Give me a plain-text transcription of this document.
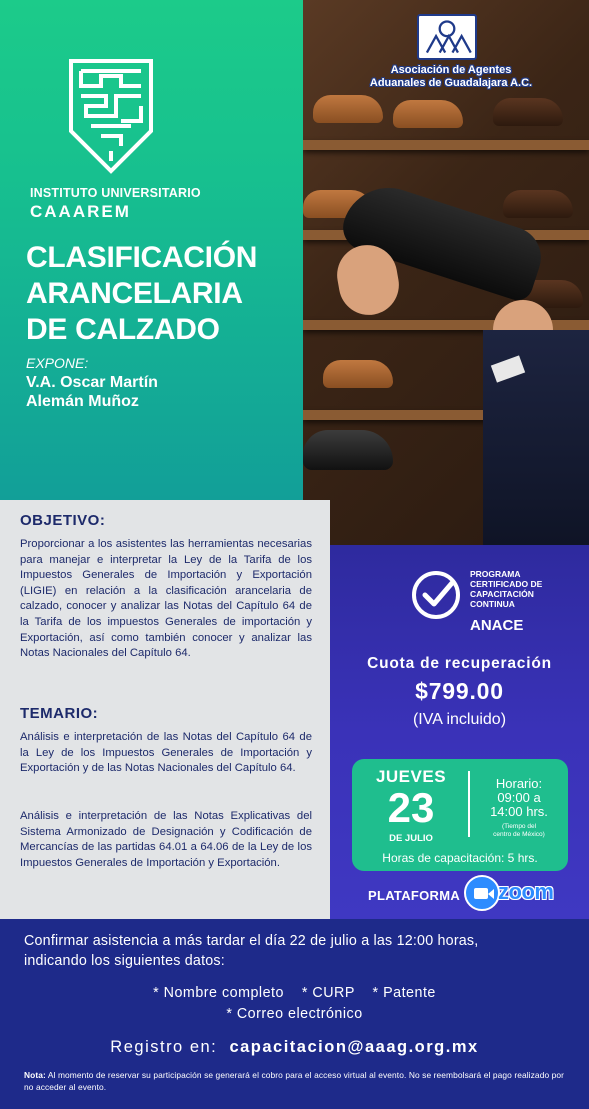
INSTITUTO UNIVERSITARIO
CAAAREM
CLASIFICACIÓN
ARANCELARIA
DE CALZADO
EXPONE:
V.A. Oscar Martín
Alemán Muñoz
Asociación de Agentes
Aduanales de Guadalajara A.C.
OBJETIVO:
Proporcionar a los asistentes las herramientas necesarias para manejar e interpretar la Ley de la Tarifa de los Impuestos Generales de Importación y Exportación (LIGIE) en relación a la clasificación arancelaria de calzado, conocer y analizar las Notas del Capítulo 64 de la Tarifa de los impuestos Generales de importación y Exportación, así como también conocer y analizar las Notas Nacionales del Capítulo 64.
TEMARIO:
Análisis e interpretación de las Notas del Capítulo 64 de la Ley de los Impuestos Generales de Importación y Exportación y de las Notas Nacionales del Capítulo 64.
Análisis e interpretación de las Notas Explicativas del Sistema Armonizado de Designación y Codificación de Mercancías de las partidas 64.01 a 64.06 de la Ley de los Impuestos Generales de Importación y Exportación.
PROGRAMA
CERTIFICADO DE
CAPACITACIÓN
CONTINUA
ANACE
Cuota de recuperación
$799.00
(IVA incluido)
JUEVES
23
DE JULIO
Horario:
09:00 a
14:00 hrs.
(Tiempo del
centro de México)
Horas de capacitación: 5 hrs.
PLATAFORMA zoom
Confirmar asistencia a más tardar el día 22 de julio a las 12:00 horas,
indicando los siguientes datos:
* Nombre completo    * CURP    * Patente
* Correo electrónico
Registro en:  capacitacion@aaag.org.mx
Nota: Al momento de reservar su participación se generará el cobro para el acceso virtual al evento. No se reembolsará el pago realizado por no acceder al evento.
